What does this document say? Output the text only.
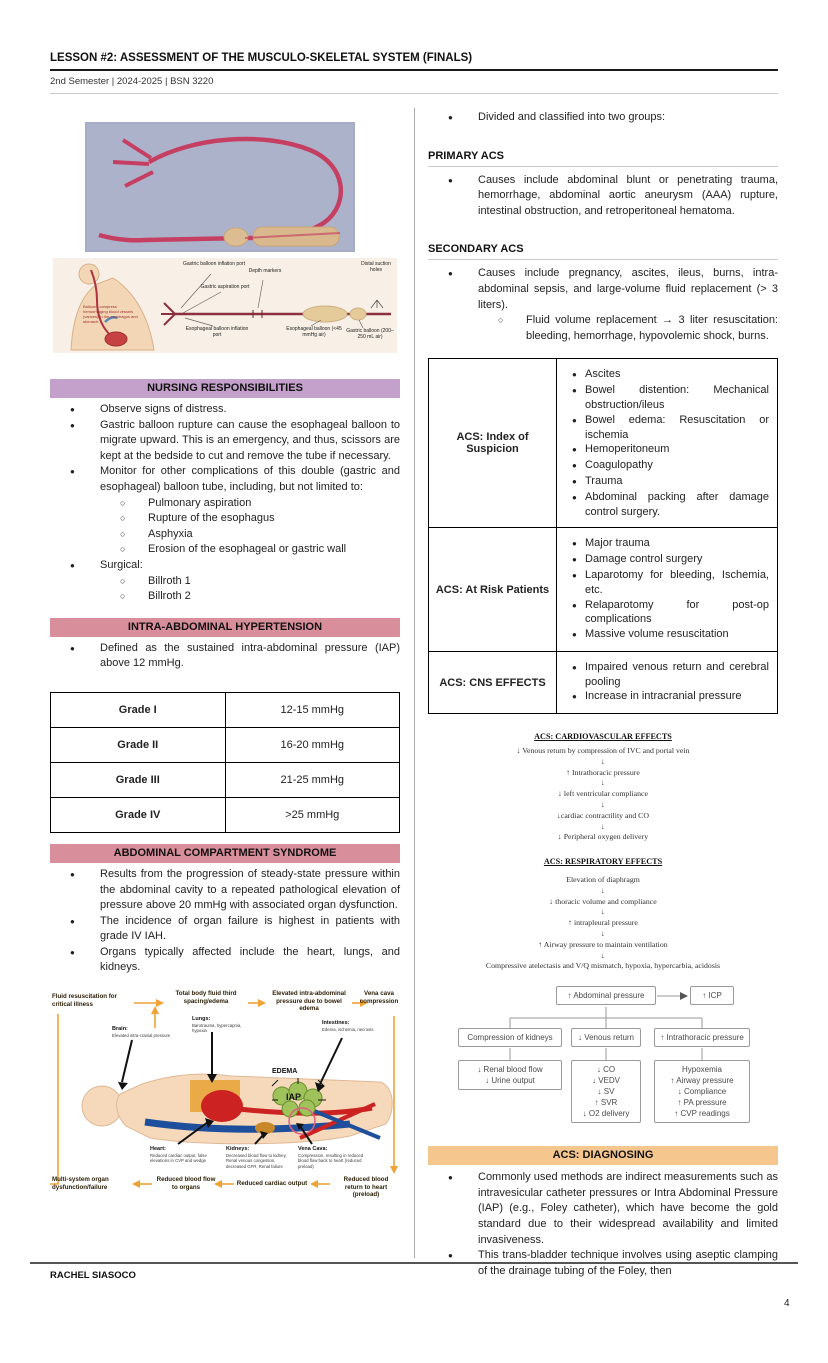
LESSON #2: ASSESSMENT OF THE MUSCULO-SKELETAL SYSTEM (FINALS)
2nd Semester | 2024-2025 | BSN 3220
Gastric balloon inflation port
Gastric aspiration port
Esophageal balloon inflation port
Depth markers
Esophageal balloon (<45 mmHg air)
Gastric balloon (200–250 mL air)
Distal suction holes
Balloons compress hemorrhaging blood vessels (varices) in the esophagus and stomach.
NURSING RESPONSIBILITIES
●
Observe signs of distress.
●
Gastric balloon rupture can cause the esophageal balloon to migrate upward. This is an emergency, and thus, scissors are kept at the bedside to cut and remove the tube if necessary.
●
Monitor for other complications of this double (gastric and esophageal) balloon tube, including, but not limited to:
○
Pulmonary aspiration
○
Rupture of the esophagus
○
Asphyxia
○
Erosion of the esophageal or gastric wall
●
Surgical:
○
Billroth 1
○
Billroth 2
INTRA-ABDOMINAL HYPERTENSION
●
Defined as the sustained intra-abdominal pressure (IAP) above 12 mmHg.
Grade I	12-15 mmHg
Grade II	16-20 mmHg
Grade III	21-25 mmHg
Grade IV	>25 mmHg
ABDOMINAL COMPARTMENT SYNDROME
●
Results from the progression of steady-state pressure within the abdominal cavity to a repeated pathological elevation of pressure above 20 mmHg with associated organ dysfunction.
●
The incidence of organ failure is highest in patients with grade IV IAH.
●
Organs typically affected include the heart, lungs, and kidneys.
Fluid resuscitation for critical illness
Total body fluid third spacing/edema
Elevated intra-abdominal pressure due to bowel edema
Vena cava compression
Brain:
Elevated intra-cranial pressure
Lungs:
Barotrauma, hypercapnia, hypoxia
Intestines:
Edema, ischemia, necrosis
Heart:
Reduced cardiac output, false elevations in CVP and wedge
Kidneys:
Decreased blood flow to kidney, Renal venous congestion, decreased GFR, Renal failure
Vena Cava:
Compression, resulting in reduced blood flow back to heart (reduced preload)
EDEMA
IAP
Multi-system organ dysfunction/failure
Reduced blood flow to organs	Reduced cardiac output
Reduced blood return to heart (preload)
●
Divided and classified into two groups:
PRIMARY ACS
●
Causes include abdominal blunt or penetrating trauma, hemorrhage, abdominal aortic aneurysm (AAA) rupture, intestinal obstruction, and retroperitoneal hematoma.
SECONDARY ACS
●
Causes include pregnancy, ascites, ileus, burns, intra-abdominal sepsis, and large-volume fluid replacement (> 3 liters).
○
Fluid volume replacement → 3 liter resuscitation: bleeding, hemorrhage, hypovolemic shock, burns.
ACS: Index of Suspicion	
●
Ascites
●
Bowel distention: Mechanical obstruction/ileus
●
Bowel edema: Resuscitation or ischemia
●
Hemoperitoneum
●
Coagulopathy
●
Trauma
●
Abdominal packing after damage control surgery.

ACS: At Risk Patients	
●
Major trauma
●
Damage control surgery
●
Laparotomy for bleeding, Ischemia, etc.
●
Relaparotomy for post-op complications
●
Massive volume resuscitation

ACS: CNS EFFECTS	
●
Impaired venous return and cerebral pooling
●
Increase in intracranial pressure
ACS: CARDIOVASCULAR EFFECTS
↓ Venous return by compression of IVC and portal vein
↓
↑ Intrathoracic pressure
↓
↓ left ventricular compliance
↓
↓cardiac contractility and CO
↓
↓ Peripheral oxygen delivery
ACS: RESPIRATORY EFFECTS
Elevation of diaphragm
↓
↓ thoracic volume and compliance
↓
↑ intrapleural pressure
↓
↑ Airway pressure to maintain ventilation
↓
Compressive atelectasis and V/Q mismatch, hypoxia, hypercarbia, acidosis
↑ Abdominal pressure	↑ ICP
Compression of kidneys	↓ Venous return	↑ Intrathoracic pressure
↓ Renal blood flow
↓ Urine output
↓ CO
↓ VEDV
↓ SV
↑ SVR
↓ O2 delivery
Hypoxemia
↑ Airway pressure
↓ Compliance
↑ PA pressure
↑ CVP readings
ACS: DIAGNOSING
●
Commonly used methods are indirect measurements such as intravesicular catheter pressures or Intra Abdominal Pressure (IAP) (e.g., Foley catheter), which have become the gold standard due to their widespread availability and limited invasiveness.
●
This trans-bladder technique involves using aseptic clamping of the drainage tubing of the Foley, then
RACHEL SIASOCO
4
